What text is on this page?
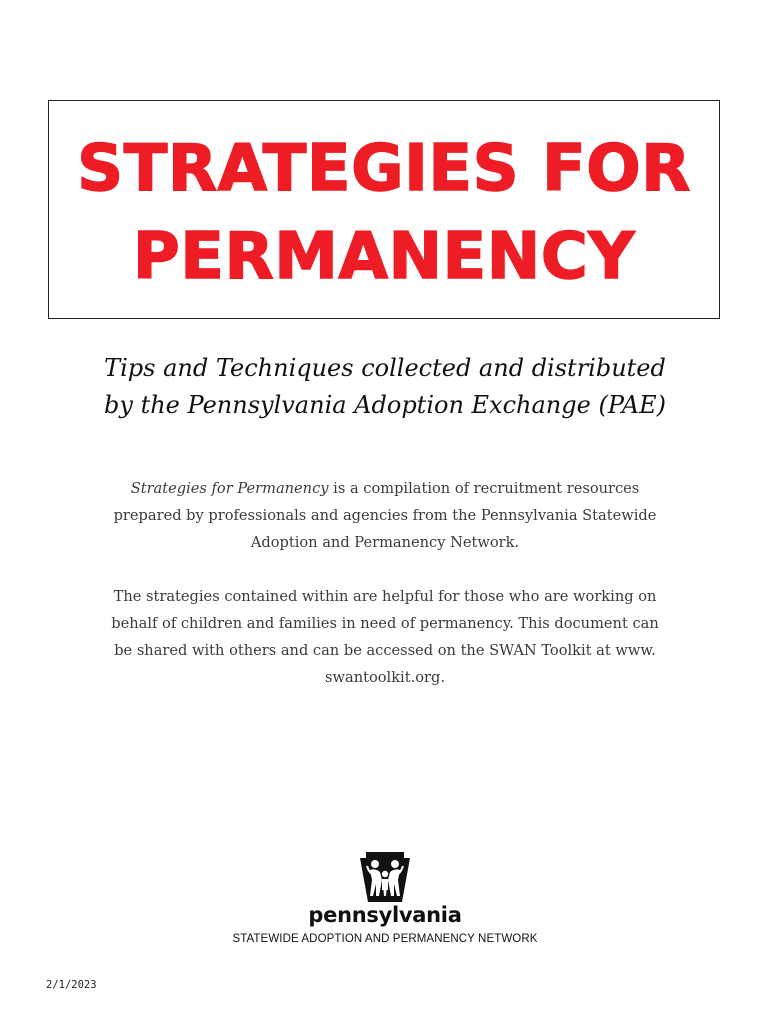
STRATEGIES FOR
PERMANENCY
Tips and Techniques collected and distributed
by the Pennsylvania Adoption Exchange (PAE)
Strategies for Permanency is a compilation of recruitment resources prepared by professionals and agencies from the Pennsylvania Statewide Adoption and Permanency Network.
The strategies contained within are helpful for those who are working on behalf of children and families in need of permanency. This document can be shared with others and can be accessed on the SWAN Toolkit at www. swantoolkit.org.
pennsylvania
STATEWIDE ADOPTION AND PERMANENCY NETWORK
2/1/2023
